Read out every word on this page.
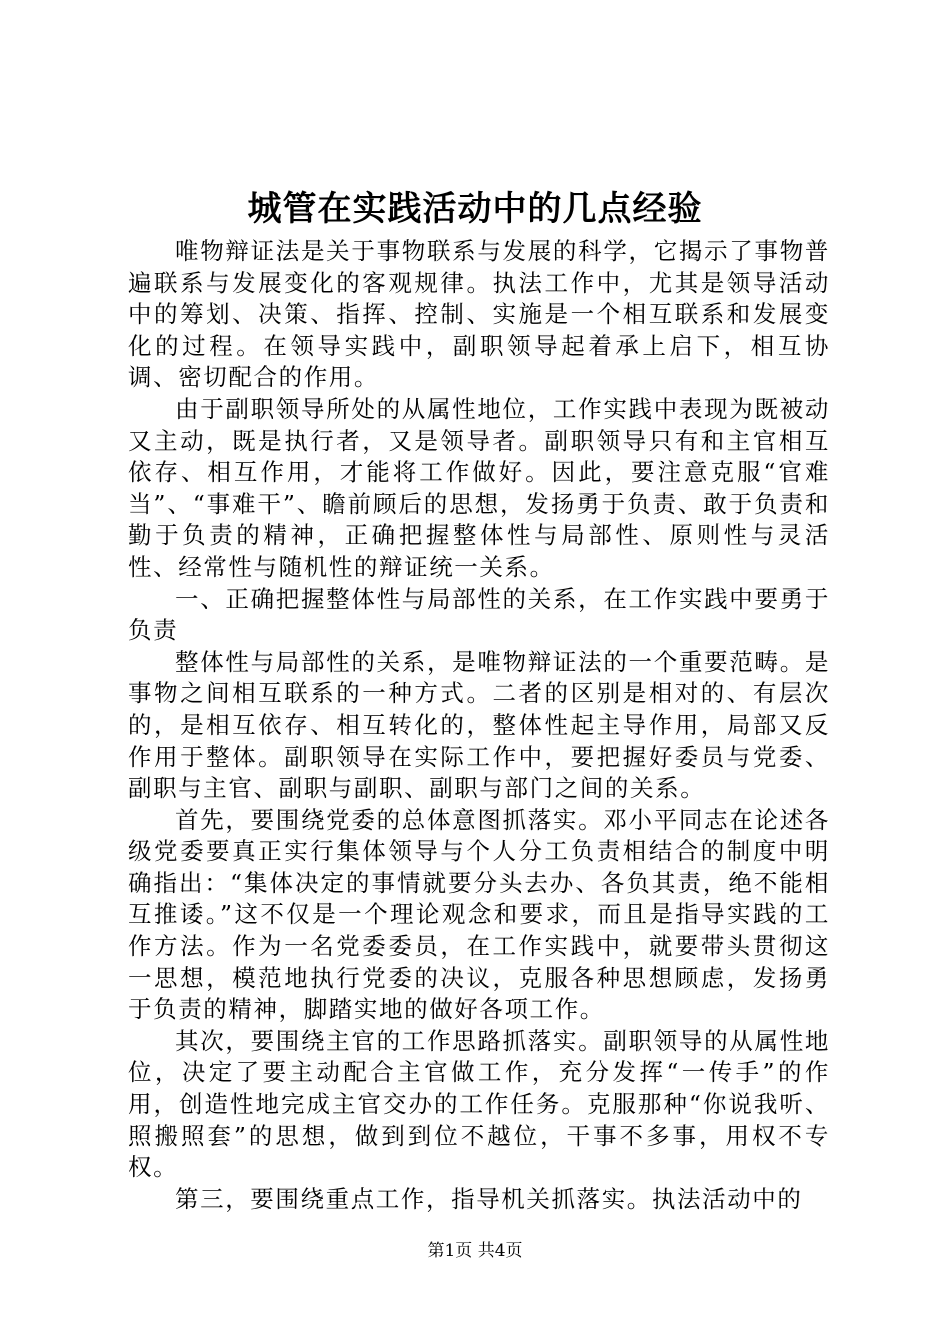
城管在实践活动中的几点经验

唯物辩证法是关于事物联系与发展的科学，它揭示了事物普遍联系与发展变化的客观规律。执法工作中，尤其是领导活动中的筹划、决策、指挥、控制、实施是一个相互联系和发展变化的过程。在领导实践中，副职领导起着承上启下，相互协调、密切配合的作用。

由于副职领导所处的从属性地位，工作实践中表现为既被动又主动，既是执行者，又是领导者。副职领导只有和主官相互依存、相互作用，才能将工作做好。因此，要注意克服“官难当”、“事难干”、瞻前顾后的思想，发扬勇于负责、敢于负责和勤于负责的精神，正确把握整体性与局部性、原则性与灵活性、经常性与随机性的辩证统一关系。

一、正确把握整体性与局部性的关系，在工作实践中要勇于负责

整体性与局部性的关系，是唯物辩证法的一个重要范畴。是事物之间相互联系的一种方式。二者的区别是相对的、有层次的，是相互依存、相互转化的，整体性起主导作用，局部又反作用于整体。副职领导在实际工作中，要把握好委员与党委、副职与主官、副职与副职、副职与部门之间的关系。

首先，要围绕党委的总体意图抓落实。邓小平同志在论述各级党委要真正实行集体领导与个人分工负责相结合的制度中明确指出：“集体决定的事情就要分头去办、各负其责，绝不能相互推诿。”这不仅是一个理论观念和要求，而且是指导实践的工作方法。作为一名党委委员，在工作实践中，就要带头贯彻这一思想，模范地执行党委的决议，克服各种思想顾虑，发扬勇于负责的精神，脚踏实地的做好各项工作。

其次，要围绕主官的工作思路抓落实。副职领导的从属性地位，决定了要主动配合主官做工作，充分发挥“一传手”的作用，创造性地完成主官交办的工作任务。克服那种“你说我听、照搬照套”的思想，做到到位不越位，干事不多事，用权不专权。

第三，要围绕重点工作，指导机关抓落实。执法活动中的

第1页 共4页
